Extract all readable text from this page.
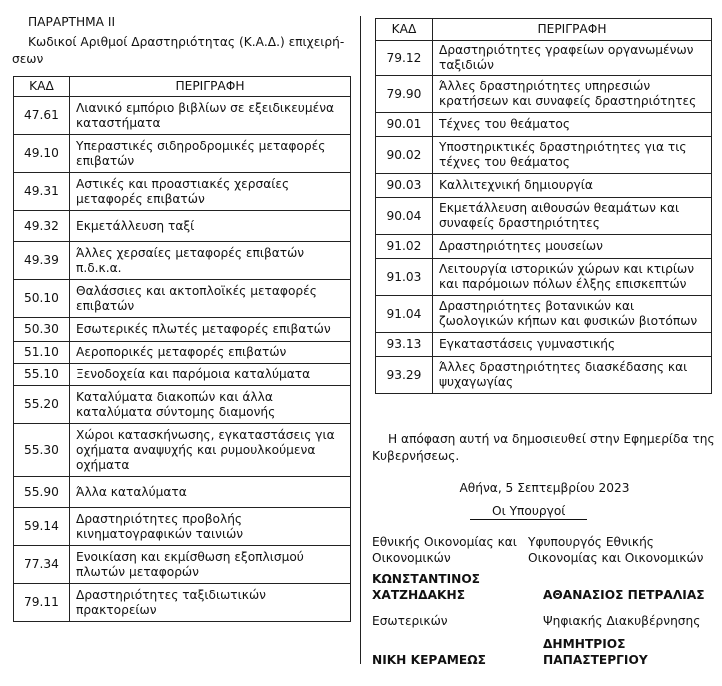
ΠΑΡΑΡΤΗΜΑ ΙΙ
Κωδικοί Αριθμοί Δραστηριότητας (Κ.Α.Δ.) επιχειρή-σεων
ΚΑΔ	ΠΕΡΙΓΡΑΦΗ
47.61	Λιανικό εμπόριο βιβλίων σε εξειδικευμένα καταστήματα
49.10	Υπεραστικές σιδηροδρομικές μεταφορές επιβατών
49.31	Αστικές και προαστιακές χερσαίες μεταφορές επιβατών
49.32	Εκμετάλλευση ταξί
49.39	Άλλες χερσαίες μεταφορές επιβατών π.δ.κ.α.
50.10	Θαλάσσιες και ακτοπλοϊκές μεταφορές επιβατών
50.30	Εσωτερικές πλωτές μεταφορές επιβατών
51.10	Αεροπορικές μεταφορές επιβατών
55.10	Ξενοδοχεία και παρόμοια καταλύματα
55.20	Καταλύματα διακοπών και άλλα καταλύματα σύντομης διαμονής
55.30	Χώροι κατασκήνωσης, εγκαταστάσεις για οχήματα αναψυχής και ρυμουλκούμενα οχήματα
55.90	Άλλα καταλύματα
59.14	Δραστηριότητες προβολής κινηματογραφικών ταινιών
77.34	Ενοικίαση και εκμίσθωση εξοπλισμού πλωτών μεταφορών
79.11	Δραστηριότητες ταξιδιωτικών πρακτορείων
ΚΑΔ	ΠΕΡΙΓΡΑΦΗ
79.12	Δραστηριότητες γραφείων οργανωμένων ταξιδιών
79.90	Άλλες δραστηριότητες υπηρεσιών κρατήσεων και συναφείς δραστηριότητες
90.01	Τέχνες του θεάματος
90.02	Υποστηρικτικές δραστηριότητες για τις τέχνες του θεάματος
90.03	Καλλιτεχνική δημιουργία
90.04	Εκμετάλλευση αιθουσών θεαμάτων και συναφείς δραστηριότητες
91.02	Δραστηριότητες μουσείων
91.03	Λειτουργία ιστορικών χώρων και κτιρίων και παρόμοιων πόλων έλξης επισκεπτών
91.04	Δραστηριότητες βοτανικών και ζωολογικών κήπων και φυσικών βιοτόπων
93.13	Εγκαταστάσεις γυμναστικής
93.29	Άλλες δραστηριότητες διασκέδασης και ψυχαγωγίας
Η απόφαση αυτή να δημοσιευθεί στην Εφημερίδα της Κυβερνήσεως.
Αθήνα, 5 Σεπτεμβρίου 2023
Οι Υπουργοί
Εθνικής Οικονομίας και Οικονομικών
Υφυπουργός Εθνικής Οικονομίας και Οικονομικών
ΚΩΝΣΤΑΝΤΙΝΟΣ ΧΑΤΖΗΔΑΚΗΣ	ΑΘΑΝΑΣΙΟΣ ΠΕΤΡΑΛΙΑΣ
Εσωτερικών	Ψηφιακής Διακυβέρνησης
ΔΗΜΗΤΡΙΟΣ ΠΑΠΑΣΤΕΡΓΙΟΥ
ΝΙΚΗ ΚΕΡΑΜΕΩΣ
